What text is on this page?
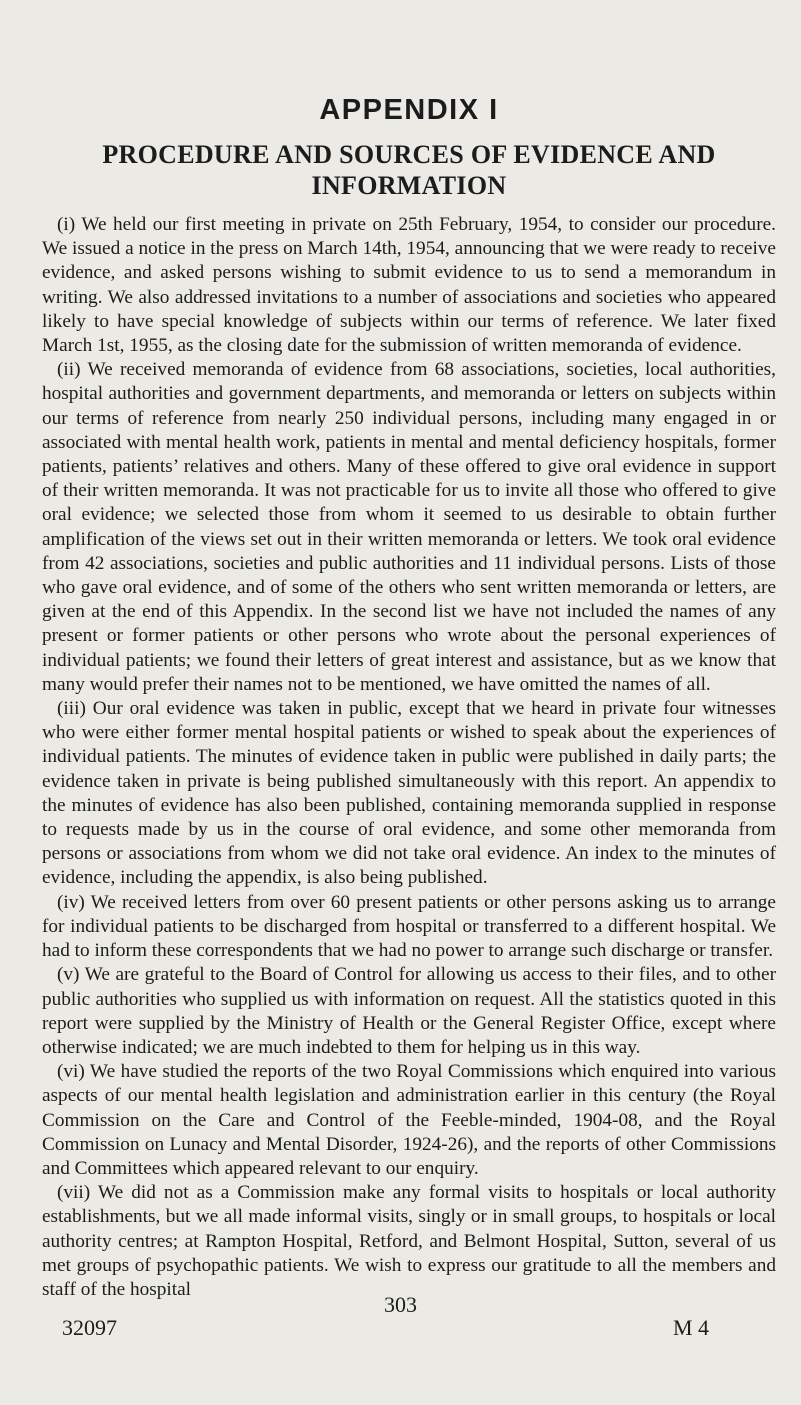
APPENDIX I
PROCEDURE AND SOURCES OF EVIDENCE AND INFORMATION

(i) We held our first meeting in private on 25th February, 1954, to consider our procedure. We issued a notice in the press on March 14th, 1954, announcing that we were ready to receive evidence, and asked persons wishing to submit evidence to us to send a memorandum in writing. We also addressed invitations to a number of associations and societies who appeared likely to have special knowledge of subjects within our terms of reference. We later fixed March 1st, 1955, as the closing date for the submission of written memoranda of evidence.

(ii) We received memoranda of evidence from 68 associations, societies, local authorities, hospital authorities and government departments, and memoranda or letters on subjects within our terms of reference from nearly 250 individual persons, including many engaged in or associated with mental health work, patients in mental and mental deficiency hospitals, former patients, patients’ relatives and others. Many of these offered to give oral evidence in support of their written memoranda. It was not practicable for us to invite all those who offered to give oral evidence; we selected those from whom it seemed to us desirable to obtain further amplification of the views set out in their written memoranda or letters. We took oral evidence from 42 associations, societies and public authorities and 11 individual persons. Lists of those who gave oral evidence, and of some of the others who sent written memoranda or letters, are given at the end of this Appendix. In the second list we have not included the names of any present or former patients or other persons who wrote about the personal experiences of individual patients; we found their letters of great interest and assistance, but as we know that many would prefer their names not to be mentioned, we have omitted the names of all.

(iii) Our oral evidence was taken in public, except that we heard in private four witnesses who were either former mental hospital patients or wished to speak about the experiences of individual patients. The minutes of evidence taken in public were published in daily parts; the evidence taken in private is being published simultaneously with this report. An appendix to the minutes of evidence has also been published, containing memoranda supplied in response to requests made by us in the course of oral evidence, and some other memoranda from persons or associations from whom we did not take oral evidence. An index to the minutes of evidence, including the appendix, is also being published.

(iv) We received letters from over 60 present patients or other persons asking us to arrange for individual patients to be discharged from hospital or transferred to a different hospital. We had to inform these correspondents that we had no power to arrange such discharge or transfer.

(v) We are grateful to the Board of Control for allowing us access to their files, and to other public authorities who supplied us with information on request. All the statistics quoted in this report were supplied by the Ministry of Health or the General Register Office, except where otherwise indicated; we are much indebted to them for helping us in this way.

(vi) We have studied the reports of the two Royal Commissions which enquired into various aspects of our mental health legislation and administration earlier in this century (the Royal Commission on the Care and Control of the Feeble-minded, 1904-08, and the Royal Commission on Lunacy and Mental Disorder, 1924-26), and the reports of other Commissions and Committees which appeared relevant to our enquiry.

(vii) We did not as a Commission make any formal visits to hospitals or local authority establishments, but we all made informal visits, singly or in small groups, to hospitals or local authority centres; at Rampton Hospital, Retford, and Belmont Hospital, Sutton, several of us met groups of psychopathic patients. We wish to express our gratitude to all the members and staff of the hospital

303
32097	M 4
